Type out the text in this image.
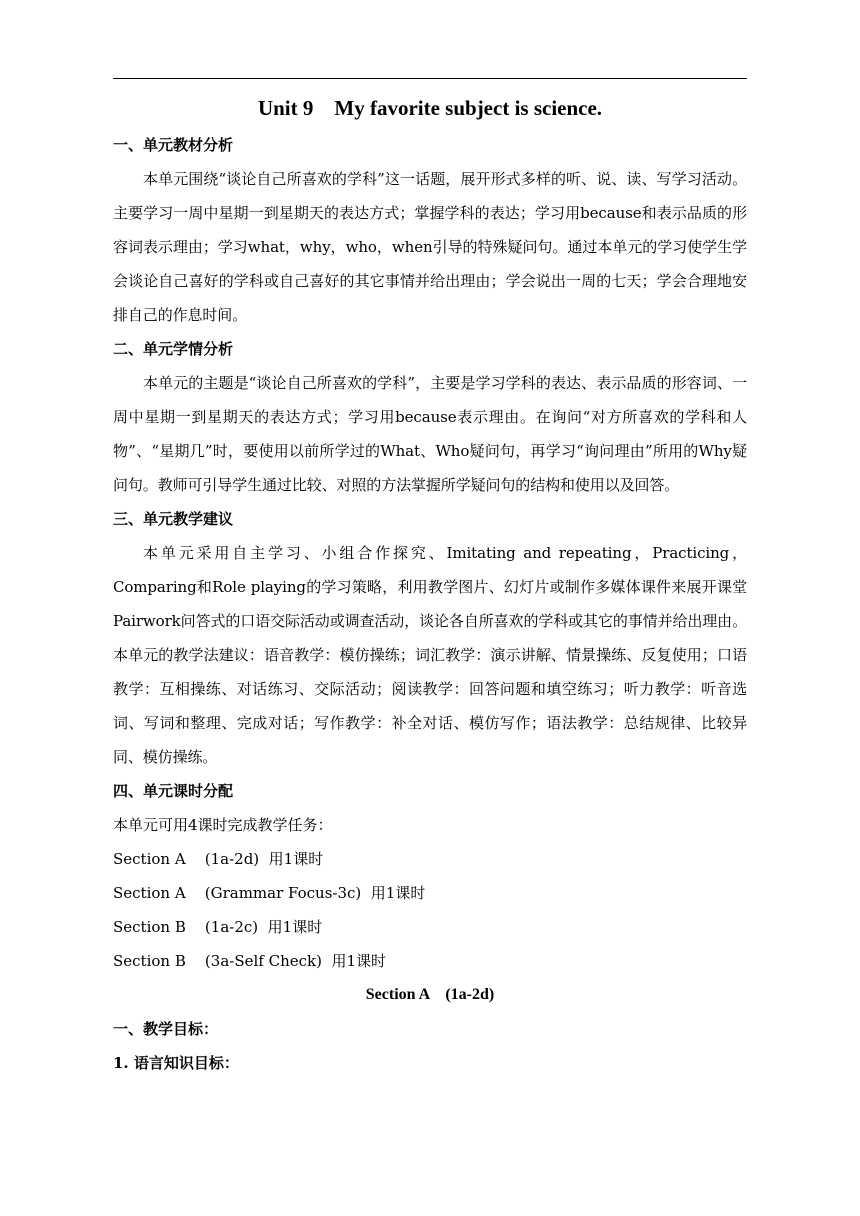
Unit 9    My favorite subject is science.
一、单元教材分析

本单元围绕“谈论自己所喜欢的学科”这一话题，展开形式多样的听、说、读、写学习活动。主要学习一周中星期一到星期天的表达方式；掌握学科的表达；学习用because和表示品质的形容词表示理由；学习what，why，who，when引导的特殊疑问句。通过本单元的学习使学生学会谈论自己喜好的学科或自己喜好的其它事情并给出理由；学会说出一周的七天；学会合理地安排自己的作息时间。

二、单元学情分析

本单元的主题是“谈论自己所喜欢的学科”，主要是学习学科的表达、表示品质的形容词、一周中星期一到星期天的表达方式；学习用because表示理由。在询问“对方所喜欢的学科和人物”、“星期几”时，要使用以前所学过的What、Who疑问句，再学习“询问理由”所用的Why疑问句。教师可引导学生通过比较、对照的方法掌握所学疑问句的结构和使用以及回答。

三、单元教学建议

本单元采用自主学习、小组合作探究、Imitating and repeating，Practicing，Comparing和Role playing的学习策略，利用教学图片、幻灯片或制作多媒体课件来展开课堂Pairwork问答式的口语交际活动或调查活动，谈论各自所喜欢的学科或其它的事情并给出理由。本单元的教学法建议：语音教学：模仿操练；词汇教学：演示讲解、情景操练、反复使用；口语教学：互相操练、对话练习、交际活动；阅读教学：回答问题和填空练习；听力教学：听音选词、写词和整理、完成对话；写作教学：补全对话、模仿写作；语法教学：总结规律、比较异同、模仿操练。

四、单元课时分配
本单元可用4课时完成教学任务：
Section A    (1a-2d)  用1课时
Section A    (Grammar Focus-3c)  用1课时
Section B    (1a-2c)  用1课时
Section B    (3a-Self Check)  用1课时
Section A    (1a-2d)
一、教学目标：
1. 语言知识目标：
